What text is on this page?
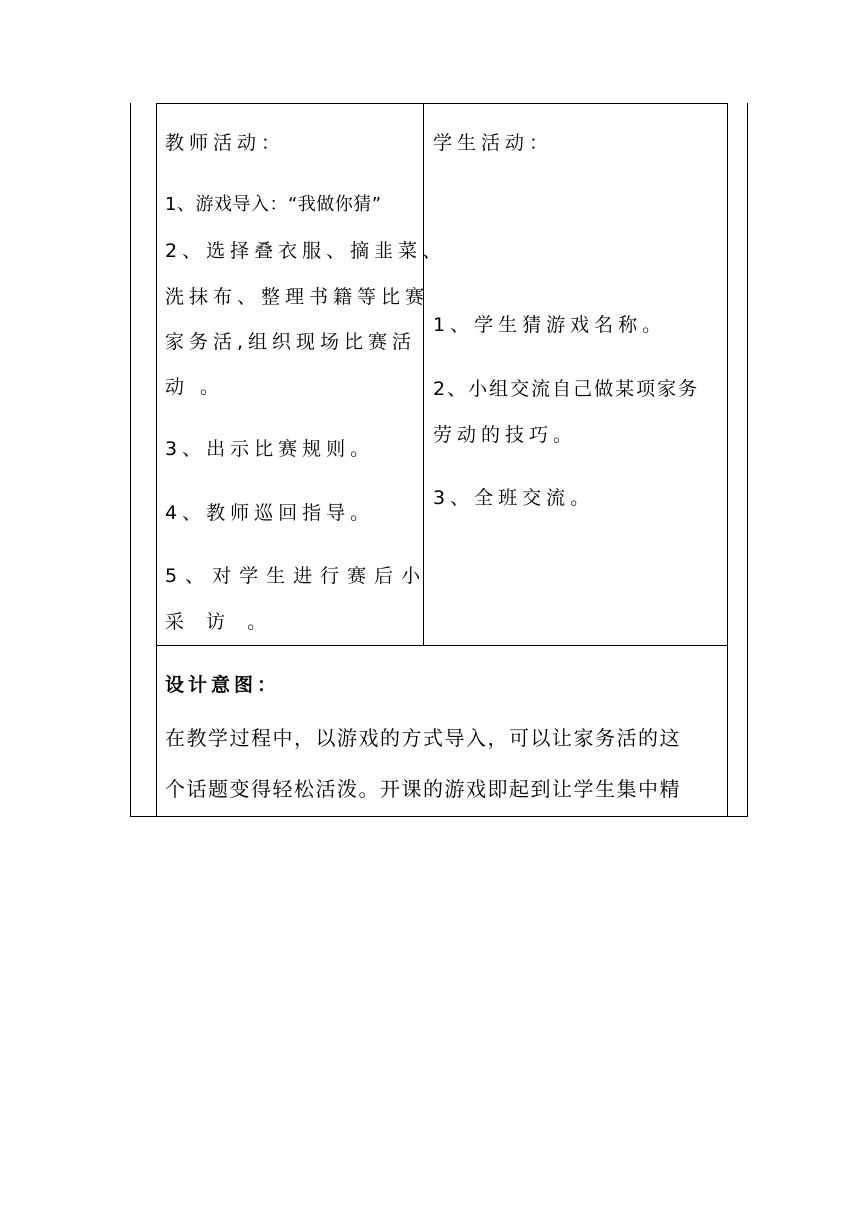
教师活动：
1、游戏导入：“我做你猜”
2、选择叠衣服、摘韭菜、
洗抹布、整理书籍等比赛
家务活,组织现场比赛活
动 。
3、出示比赛规则。
4、教师巡回指导。
5、对学生进行赛后小
采 访 。
学生活动：
1、学生猜游戏名称。
2、小组交流自己做某项家务
劳动的技巧。
3、全班交流。
设计意图：
在教学过程中，以游戏的方式导入，可以让家务活的这
个话题变得轻松活泼。开课的游戏即起到让学生集中精
